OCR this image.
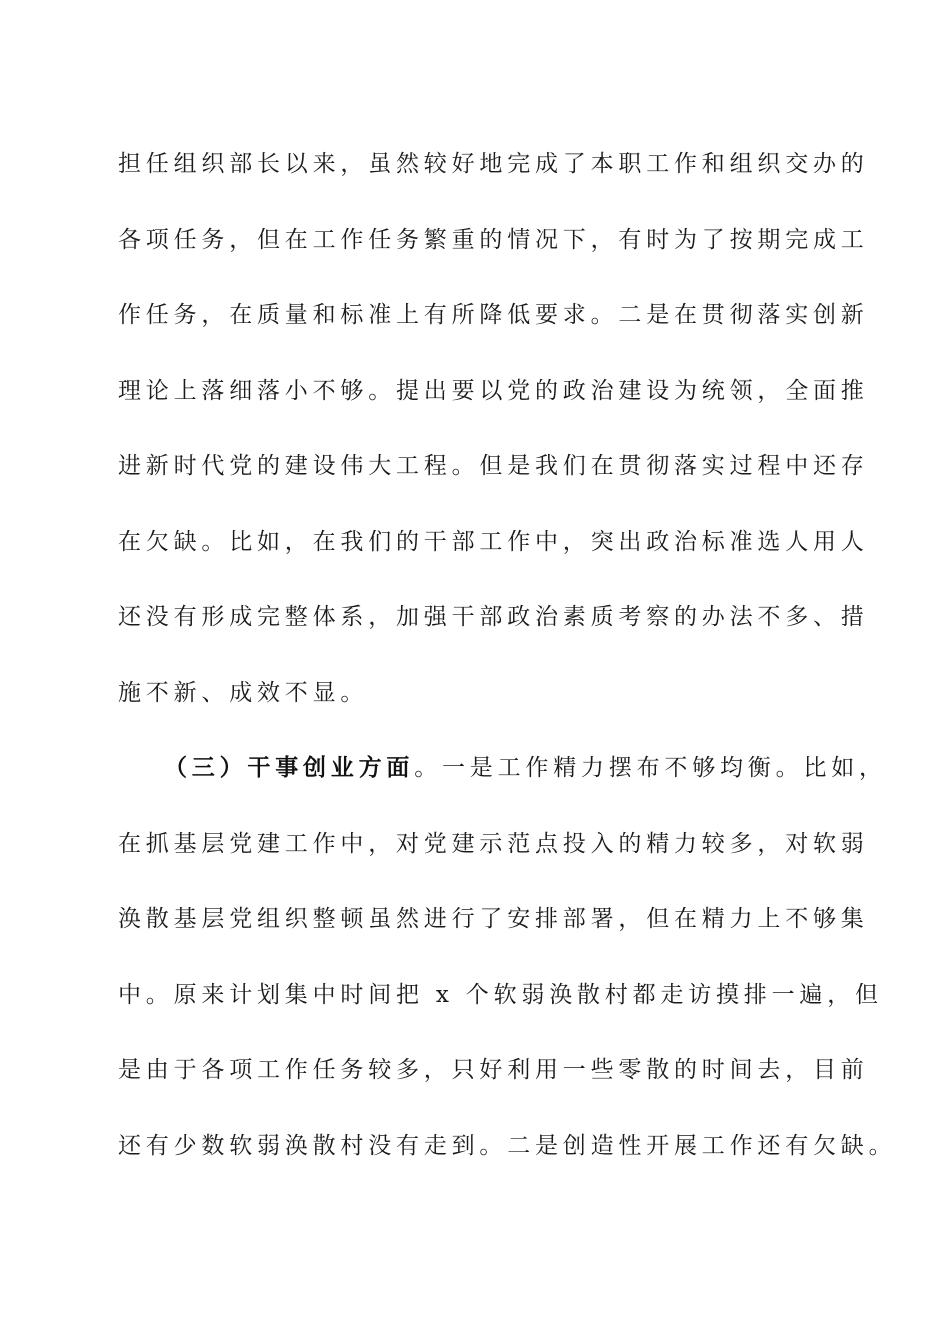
担任组织部长以来，虽然较好地完成了本职工作和组织交办的
各项任务，但在工作任务繁重的情况下，有时为了按期完成工
作任务，在质量和标准上有所降低要求。二是在贯彻落实创新
理论上落细落小不够。提出要以党的政治建设为统领，全面推
进新时代党的建设伟大工程。但是我们在贯彻落实过程中还存
在欠缺。比如，在我们的干部工作中，突出政治标准选人用人
还没有形成完整体系，加强干部政治素质考察的办法不多、措
施不新、成效不显。
（三）干事创业方面。一是工作精力摆布不够均衡。比如，
在抓基层党建工作中，对党建示范点投入的精力较多，对软弱
涣散基层党组织整顿虽然进行了安排部署，但在精力上不够集
中。原来计划集中时间把 x 个软弱涣散村都走访摸排一遍，但
是由于各项工作任务较多，只好利用一些零散的时间去，目前
还有少数软弱涣散村没有走到。二是创造性开展工作还有欠缺。
